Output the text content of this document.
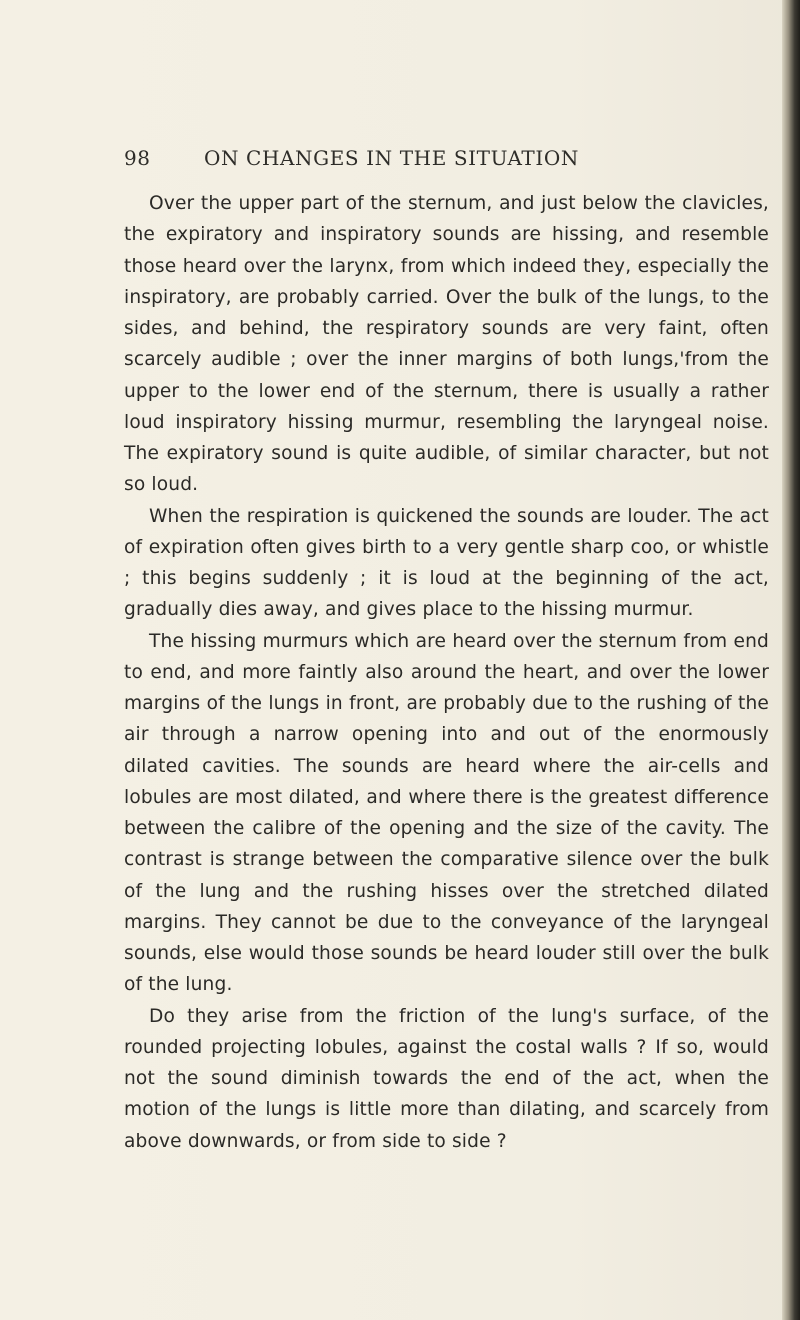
98	ON CHANGES IN THE SITUATION

Over the upper part of the sternum, and just below the clavicles, the expiratory and inspiratory sounds are hissing, and resemble those heard over the larynx, from which indeed they, especially the inspiratory, are probably carried. Over the bulk of the lungs, to the sides, and behind, the respiratory sounds are very faint, often scarcely audible ; over the inner margins of both lungs,'from the upper to the lower end of the sternum, there is usually a rather loud inspiratory hissing murmur, resembling the laryngeal noise. The expiratory sound is quite audible, of similar character, but not so loud.

When the respiration is quickened the sounds are louder. The act of expiration often gives birth to a very gentle sharp coo, or whistle ; this begins suddenly ; it is loud at the beginning of the act, gradually dies away, and gives place to the hissing murmur.

The hissing murmurs which are heard over the sternum from end to end, and more faintly also around the heart, and over the lower margins of the lungs in front, are probably due to the rushing of the air through a narrow opening into and out of the enormously dilated cavities. The sounds are heard where the air-cells and lobules are most dilated, and where there is the greatest difference between the calibre of the opening and the size of the cavity. The contrast is strange between the comparative silence over the bulk of the lung and the rushing hisses over the stretched dilated margins. They cannot be due to the conveyance of the laryngeal sounds, else would those sounds be heard louder still over the bulk of the lung.

Do they arise from the friction of the lung's surface, of the rounded projecting lobules, against the costal walls ? If so, would not the sound diminish towards the end of the act, when the motion of the lungs is little more than dilating, and scarcely from above downwards, or from side to side ?
